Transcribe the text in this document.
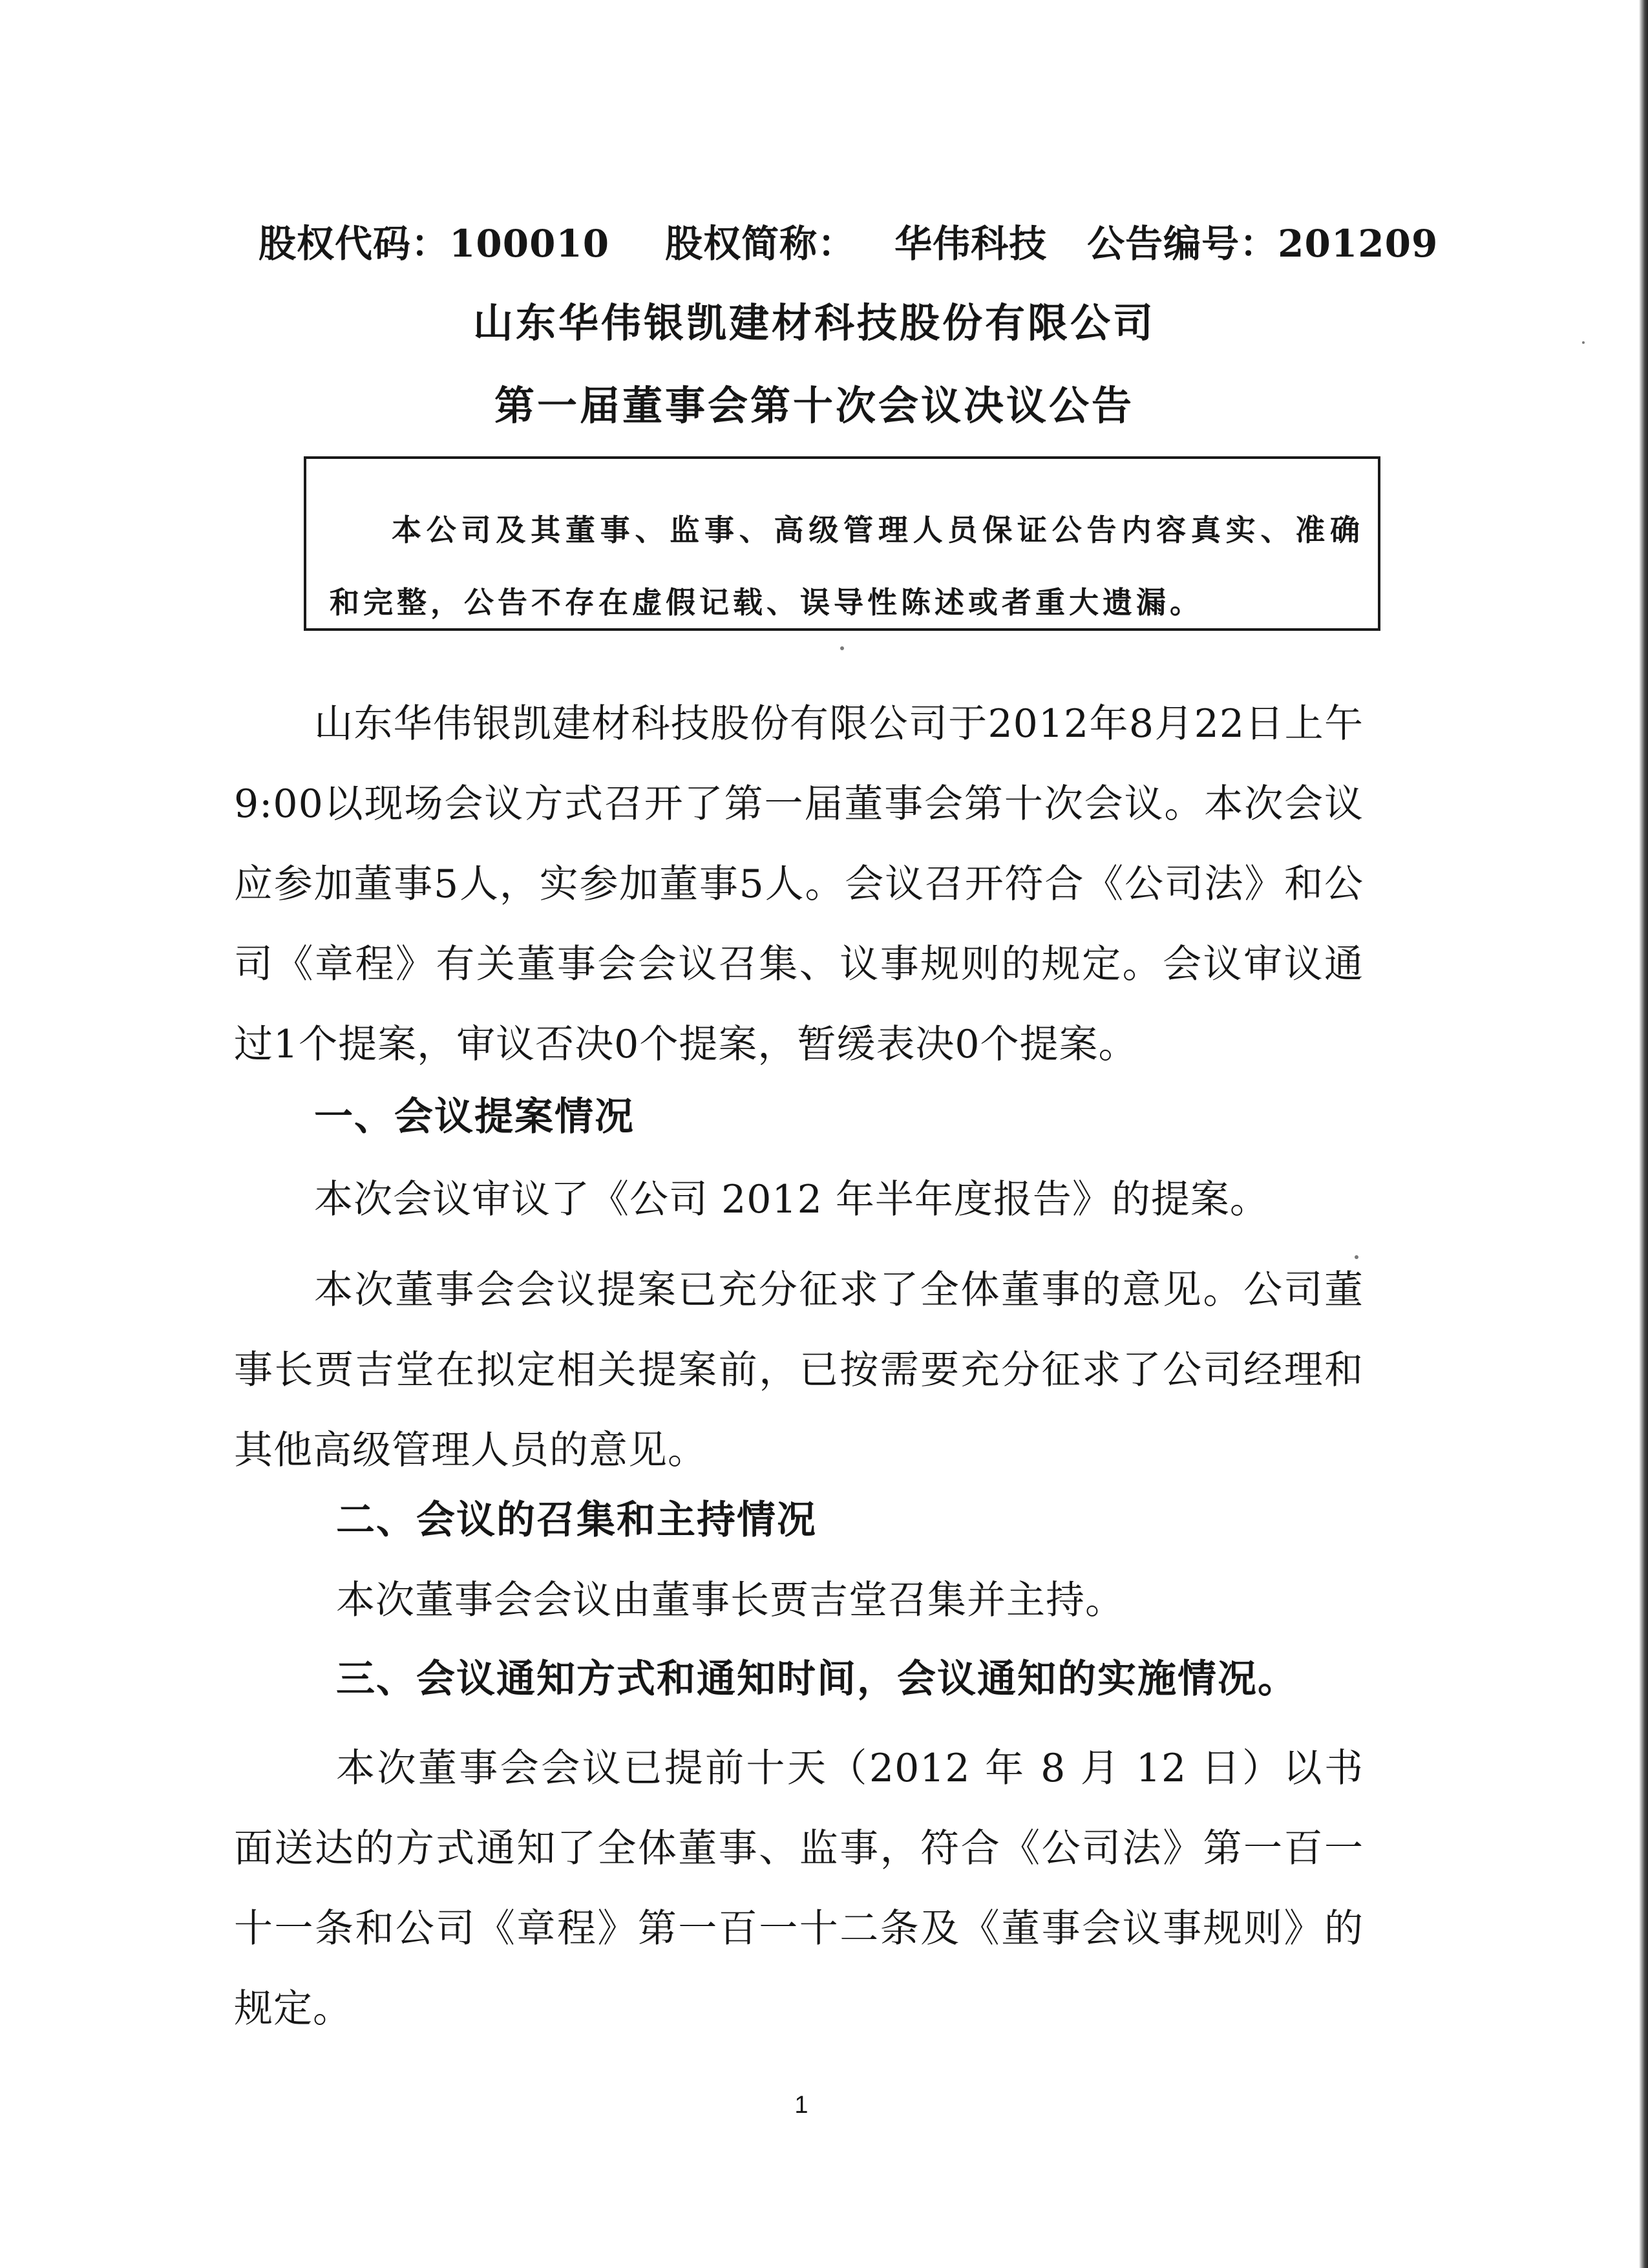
股权代码：100010 股权简称： 华伟科技 公告编号：201209
山东华伟银凯建材科技股份有限公司
第一届董事会第十次会议决议公告
本公司及其董事、监事、高级管理人员保证公告内容真实、准确和完整，公告不存在虚假记载、误导性陈述或者重大遗漏。
山东华伟银凯建材科技股份有限公司于2012年8月22日上午9:00以现场会议方式召开了第一届董事会第十次会议。本次会议应参加董事5人，实参加董事5人。会议召开符合《公司法》和公司《章程》有关董事会会议召集、议事规则的规定。会议审议通过1个提案，审议否决0个提案，暂缓表决0个提案。
一、会议提案情况
本次会议审议了《公司 2012 年半年度报告》的提案。
本次董事会会议提案已充分征求了全体董事的意见。公司董事长贾吉堂在拟定相关提案前，已按需要充分征求了公司经理和其他高级管理人员的意见。
二、会议的召集和主持情况
本次董事会会议由董事长贾吉堂召集并主持。
三、会议通知方式和通知时间，会议通知的实施情况。
本次董事会会议已提前十天（2012 年 8 月 12 日）以书面送达的方式通知了全体董事、监事，符合《公司法》第一百一十一条和公司《章程》第一百一十二条及《董事会议事规则》的规定。
1
